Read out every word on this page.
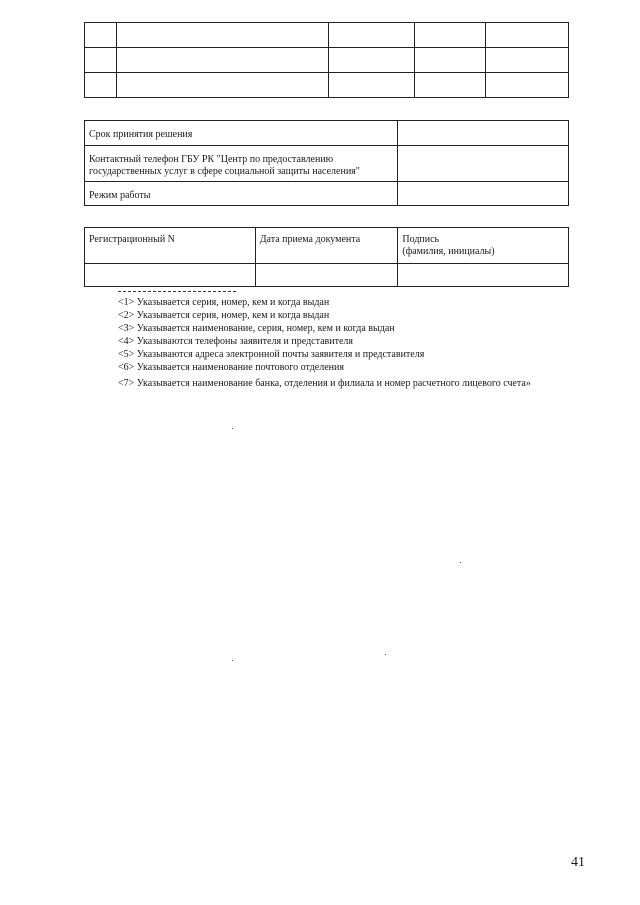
Срок принятия решения	
Контактный телефон ГБУ РК "Центр по предоставлению государственных услуг в сфере социальной защиты населения"	
Режим работы	
Регистрационный N	Дата приема документа	Подпись
(фамилия, инициалы)

<1> Указывается серия, номер, кем и когда выдан
<2> Указывается серия, номер, кем и когда выдан
<3> Указывается наименование, серия, номер, кем и когда выдан
<4> Указываются телефоны заявителя и представителя
<5> Указываются адреса электронной почты заявителя и представителя
<6> Указывается наименование почтового отделения
<7> Указывается наименование банка, отделения и филиала и номер расчетного лицевого счета»
41
